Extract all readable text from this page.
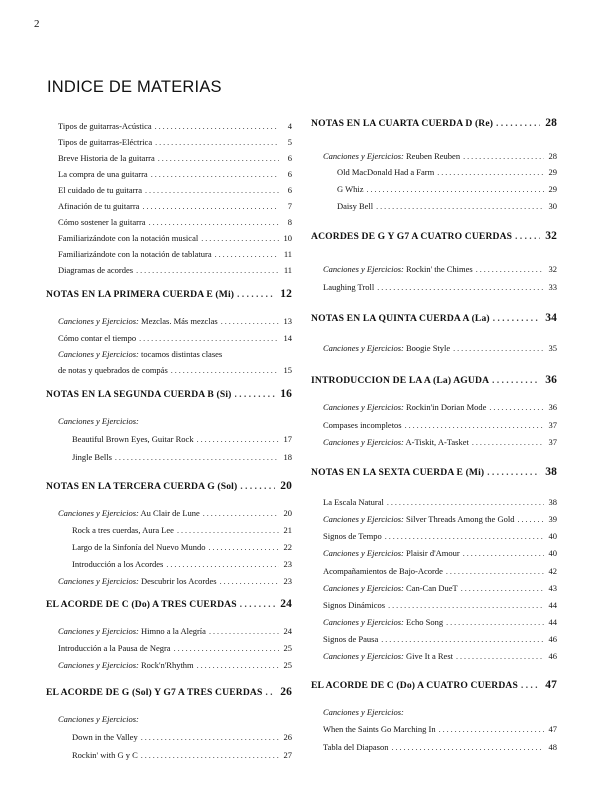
2
INDICE DE MATERIAS
Tipos de guitarras-Acústica .....	4
Tipos de guitarras-Eléctrica .....	5
Breve Historia de la guitarra .....	6
La compra de una guitarra .....	6
El cuidado de tu guitarra .....	6
Afinación de tu guitarra .....	7
Cómo sostener la guitarra .....	8
Familiarizándote con la notación musical .....	10
Familiarizándote con la notación de tablatura .....	11
Diagramas de acordes .....	11
NOTAS EN LA PRIMERA CUERDA E (Mi) .....	12
Canciones y Ejercicios: Mezclas. Más mezclas .....	13
Cómo contar el tiempo .....	14
Canciones y Ejercicios: tocamos distintas clases
de notas y quebrados de compás .....	15
NOTAS EN LA SEGUNDA CUERDA B (Si) .....	16
Canciones y Ejercicios:
Beautiful Brown Eyes, Guitar Rock .....	17
Jingle Bells .....	18
NOTAS EN LA TERCERA CUERDA G (Sol) .....	20
Canciones y Ejercicios: Au Clair de Lune .....	20
Rock a tres cuerdas, Aura Lee .....	21
Largo de la Sinfonía del Nuevo Mundo .....	22
Introducción a los Acordes .....	23
Canciones y Ejercicios: Descubrir los Acordes .....	23
EL ACORDE DE C (Do) A TRES CUERDAS .....	24
Canciones y Ejercicios: Himno a la Alegría .....	24
Introducción a la Pausa de Negra .....	25
Canciones y Ejercicios: Rock'n'Rhythm .....	25
EL ACORDE DE G (Sol) Y G7 A TRES CUERDAS ..... 26
Canciones y Ejercicios:
Down in the Valley .....	26
Rockin' with G y C .....	27
NOTAS EN LA CUARTA CUERDA D (Re) .....	28
Canciones y Ejercicios: Reuben Reuben .....	28
Old MacDonald Had a Farm .....	29
G Whiz .....	29
Daisy Bell .....	30
ACORDES DE G Y G7 A CUATRO CUERDAS .....	32
Canciones y Ejercicios: Rockin' the Chimes .....	32
Laughing Troll .....	33
NOTAS EN LA QUINTA CUERDA A (La) .....	34
Canciones y Ejercicios: Boogie Style .....	35
INTRODUCCION DE LA A (La) AGUDA .....	36
Canciones y Ejercicios: Rockin'in Dorian Mode .....	36
Compases incompletos .....	37
Canciones y Ejercicios: A-Tiskit, A-Tasket .....	37
NOTAS EN LA SEXTA CUERDA E (Mi) .....	38
La Escala Natural .....	38
Canciones y Ejercicios: Silver Threads Among the Gold .....	39
Signos de Tempo .....	40
Canciones y Ejercicios: Plaisir d'Amour .....	40
Acompañamientos de Bajo-Acorde .....	42
Canciones y Ejercicios: Can-Can DueT .....	43
Signos Dinámicos .....	44
Canciones y Ejercicios: Echo Song .....	44
Signos de Pausa .....	46
Canciones y Ejercicios: Give It a Rest .....	46
EL ACORDE DE C (Do) A CUATRO CUERDAS ..... 47
Canciones y Ejercicios:
When the Saints Go Marching In .....	47
Tabla del Diapason .....	48
